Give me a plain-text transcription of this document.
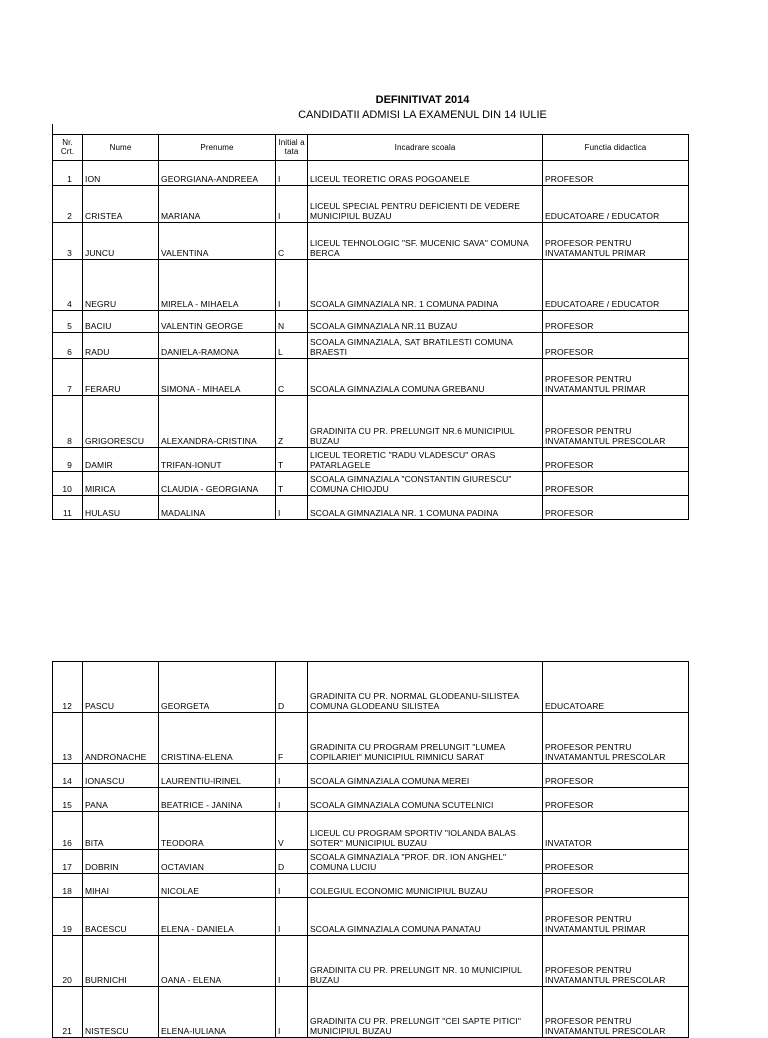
DEFINITIVAT 2014
CANDIDATII ADMISI LA EXAMENUL DIN 14 IULIE
Nr. Crt.	Nume	Prenume	Initial a tata	Incadrare scoala	Functia didactica
1	ION	GEORGIANA-ANDREEA	I	LICEUL TEORETIC ORAS POGOANELE	PROFESOR
2	CRISTEA	MARIANA	I	LICEUL SPECIAL PENTRU DEFICIENTI DE VEDERE MUNICIPIUL BUZAU	EDUCATOARE / EDUCATOR
3	JUNCU	VALENTINA	C	LICEUL TEHNOLOGIC "SF. MUCENIC SAVA" COMUNA BERCA	PROFESOR PENTRU INVATAMANTUL PRIMAR
4	NEGRU	MIRELA - MIHAELA	I	SCOALA GIMNAZIALA NR. 1 COMUNA PADINA	EDUCATOARE / EDUCATOR
5	BACIU	VALENTIN GEORGE	N	SCOALA GIMNAZIALA NR.11 BUZAU	PROFESOR
6	RADU	DANIELA-RAMONA	L	SCOALA GIMNAZIALA, SAT BRATILESTI COMUNA BRAESTI	PROFESOR
7	FERARU	SIMONA - MIHAELA	C	SCOALA GIMNAZIALA COMUNA GREBANU	PROFESOR PENTRU INVATAMANTUL PRIMAR
8	GRIGORESCU	ALEXANDRA-CRISTINA	Z	GRADINITA CU PR. PRELUNGIT NR.6 MUNICIPIUL BUZAU	PROFESOR PENTRU INVATAMANTUL PRESCOLAR
9	DAMIR	TRIFAN-IONUT	T	LICEUL TEORETIC "RADU VLADESCU" ORAS PATARLAGELE	PROFESOR
10	MIRICA	CLAUDIA - GEORGIANA	T	SCOALA GIMNAZIALA "CONSTANTIN GIURESCU" COMUNA CHIOJDU	PROFESOR
11	HULASU	MADALINA	I	SCOALA GIMNAZIALA NR. 1 COMUNA PADINA	PROFESOR
12	PASCU	GEORGETA	D	GRADINITA CU PR. NORMAL GLODEANU-SILISTEA COMUNA GLODEANU SILISTEA	EDUCATOARE
13	ANDRONACHE	CRISTINA-ELENA	F	GRADINITA CU PROGRAM PRELUNGIT "LUMEA COPILARIEI" MUNICIPIUL RIMNICU SARAT	PROFESOR PENTRU INVATAMANTUL PRESCOLAR
14	IONASCU	LAURENTIU-IRINEL	I	SCOALA GIMNAZIALA COMUNA MEREI	PROFESOR
15	PANA	BEATRICE - JANINA	I	SCOALA GIMNAZIALA COMUNA SCUTELNICI	PROFESOR
16	BITA	TEODORA	V	LICEUL CU PROGRAM SPORTIV "IOLANDA BALAS SOTER" MUNICIPIUL BUZAU	INVATATOR
17	DOBRIN	OCTAVIAN	D	SCOALA GIMNAZIALA "PROF. DR. ION ANGHEL" COMUNA LUCIU	PROFESOR
18	MIHAI	NICOLAE	I	COLEGIUL ECONOMIC MUNICIPIUL BUZAU	PROFESOR
19	BACESCU	ELENA - DANIELA	I	SCOALA GIMNAZIALA COMUNA PANATAU	PROFESOR PENTRU INVATAMANTUL PRIMAR
20	BURNICHI	OANA - ELENA	I	GRADINITA CU PR. PRELUNGIT NR. 10 MUNICIPIUL BUZAU	PROFESOR PENTRU INVATAMANTUL PRESCOLAR
21	NISTESCU	ELENA-IULIANA	I	GRADINITA CU PR. PRELUNGIT "CEI SAPTE PITICI" MUNICIPIUL BUZAU	PROFESOR PENTRU INVATAMANTUL PRESCOLAR
